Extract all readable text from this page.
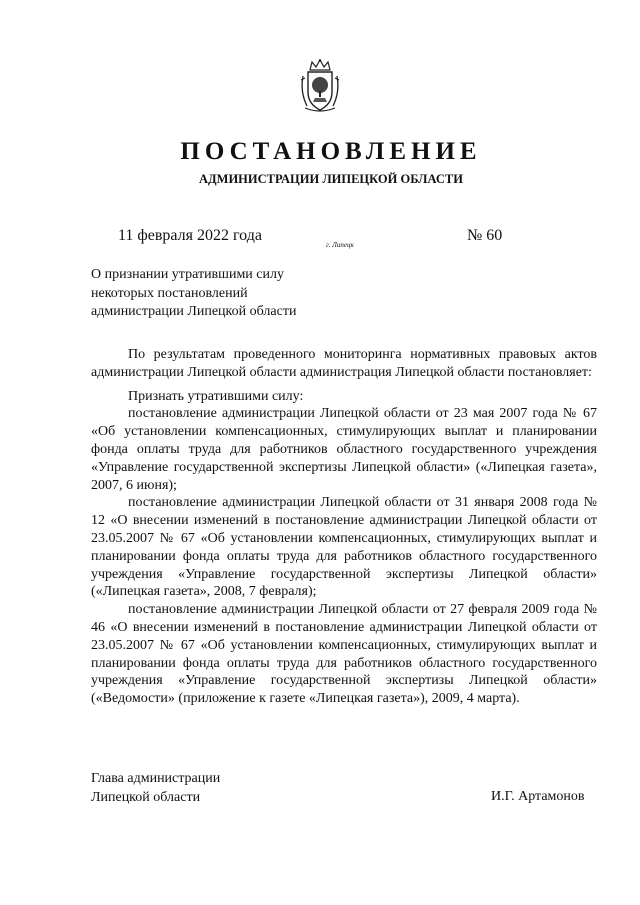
ПОСТАНОВЛЕНИЕ
АДМИНИСТРАЦИИ ЛИПЕЦКОЙ ОБЛАСТИ
11 февраля 2022 года
г. Липецк
№ 60
О признании утратившими силу
некоторых постановлений
администрации Липецкой области

По результатам проведенного мониторинга нормативных правовых актов администрации Липецкой области администрация Липецкой области постановляет:

Признать утратившими силу:

постановление администрации Липецкой области от 23 мая 2007 года № 67 «Об установлении компенсационных, стимулирующих выплат и планировании фонда оплаты труда для работников областного государственного учреждения «Управление государственной экспертизы Липецкой области» («Липецкая газета», 2007, 6 июня);

постановление администрации Липецкой области от 31 января 2008 года № 12 «О внесении изменений в постановление администрации Липецкой области от 23.05.2007 № 67 «Об установлении компенсационных, стимулирующих выплат и планировании фонда оплаты труда для работников областного государственного учреждения «Управление государственной экспертизы Липецкой области» («Липецкая газета», 2008, 7 февраля);

постановление администрации Липецкой области от 27 февраля 2009 года № 46 «О внесении изменений в постановление администрации Липецкой области от 23.05.2007 № 67 «Об установлении компенсационных, стимулирующих выплат и планировании фонда оплаты труда для работников областного государственного учреждения «Управление государственной экспертизы Липецкой области» («Ведомости» (приложение к газете «Липецкая газета»), 2009, 4 марта).

Глава администрации
Липецкой области	И.Г. Артамонов
